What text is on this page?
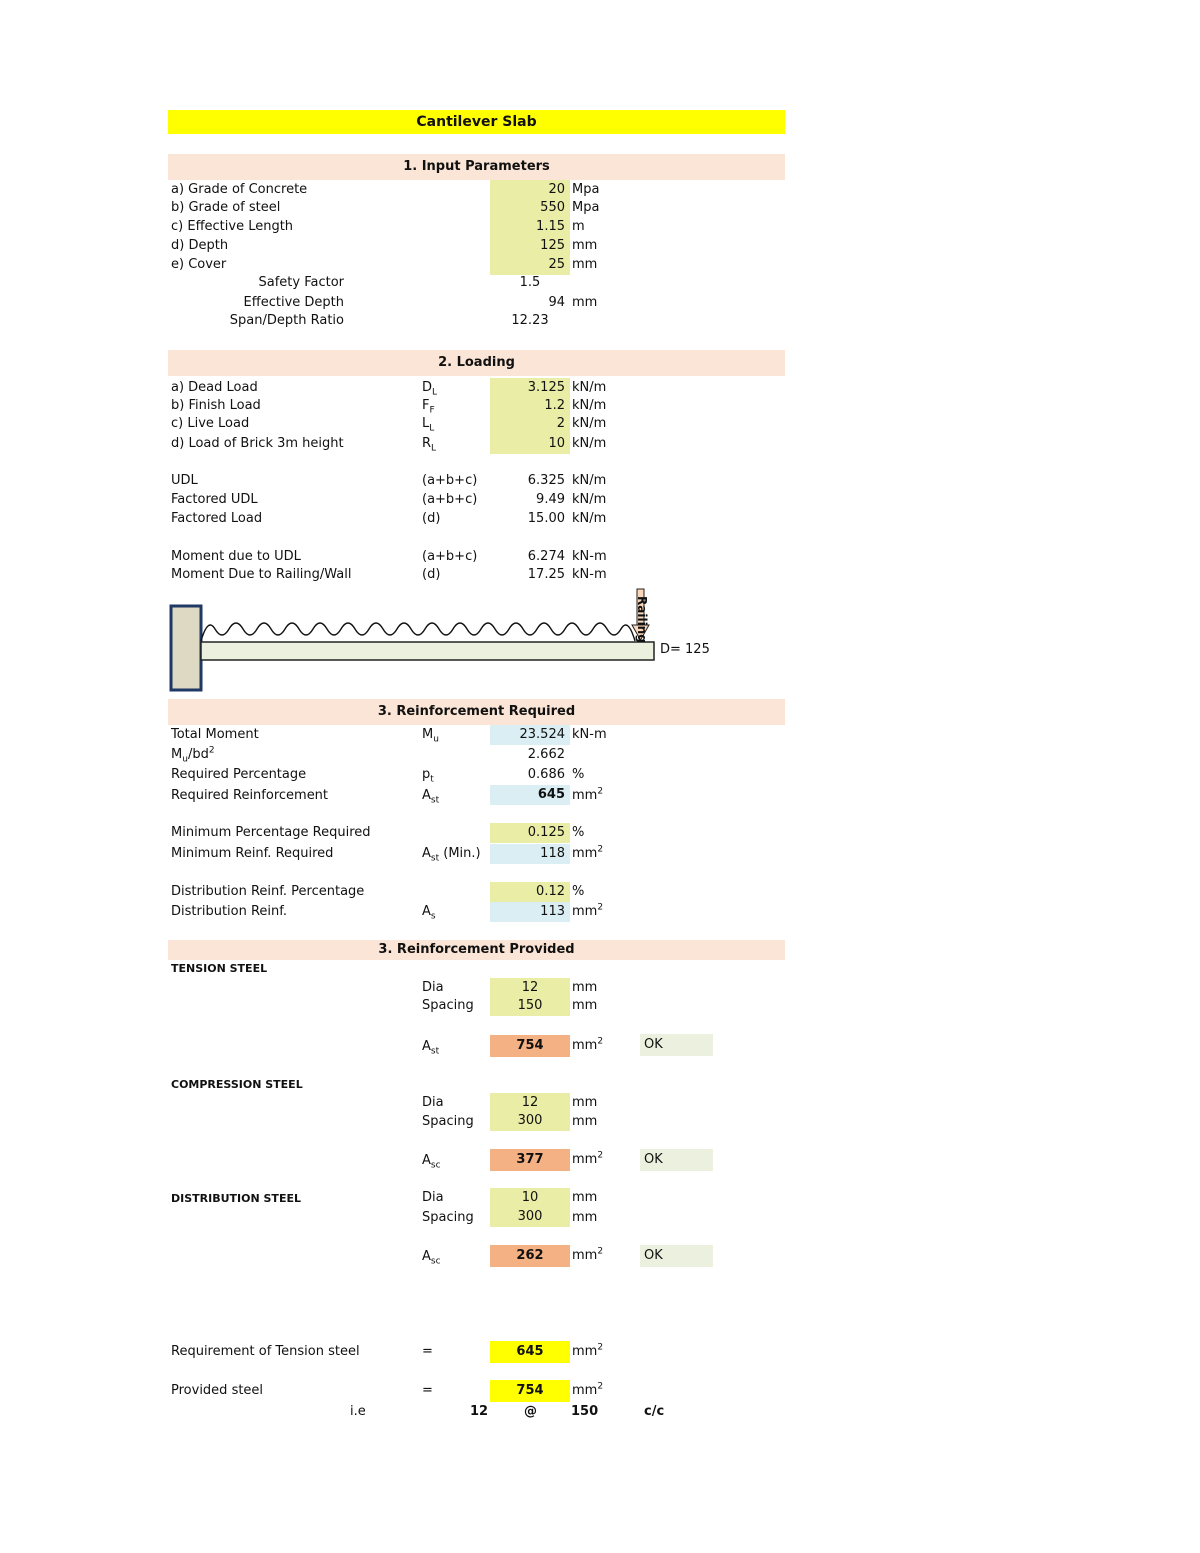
Cantilever Slab
1. Input Parameters
a) Grade of Concrete	20 Mpa
b) Grade of steel	550 Mpa
c) Effective Length	1.15 m
d) Depth	125 mm
e) Cover	25 mm
Safety Factor	1.5
Effective Depth	94 mm
Span/Depth Ratio	12.23
2. Loading
a) Dead Load	$D_L$	3.125 kN/m
b) Finish Load	$F_F$	1.2 kN/m
c) Live Load	$L_L$	2 kN/m
d) Load of Brick 3m height	$R_L$	10 kN/m
UDL	(a+b+c)	6.325 kN/m
Factored UDL	(a+b+c)	9.49 kN/m
Factored Load	(d)	15.00 kN/m
Moment due to UDL	(a+b+c)	6.274 kN-m
Moment Due to Railing/Wall	(d)	17.25 kN-m
Railing
D= 125
3. Reinforcement Required
Total Moment	$M_u$	23.524 kN-m
$M_u/bd^2$	2.662
Required Percentage	$p_t$	0.686 %
Required Reinforcement	$A_{st}$	645 $mm^2$
Minimum Percentage Required	0.125 %
Minimum Reinf. Required	$A_{st}$ (Min.)	118 $mm^2$
Distribution Reinf. Percentage	0.12 %
Distribution Reinf.	$A_s$	113 $mm^2$
3. Reinforcement Provided
TENSION STEEL
Dia	12	mm
Spacing	150	mm
$A_{st}$	754	$mm^2$	OK
COMPRESSION STEEL
Dia	12	mm
Spacing	300	mm
$A_{sc}$	377	$mm^2$	OK
DISTRIBUTION STEEL	Dia	10	mm
Spacing	300	mm
$A_{sc}$	262	$mm^2$	OK
Requirement of Tension steel	=	645	$mm^2$
Provided steel	=	754	$mm^2$
i.e	12	@	150	c/c
